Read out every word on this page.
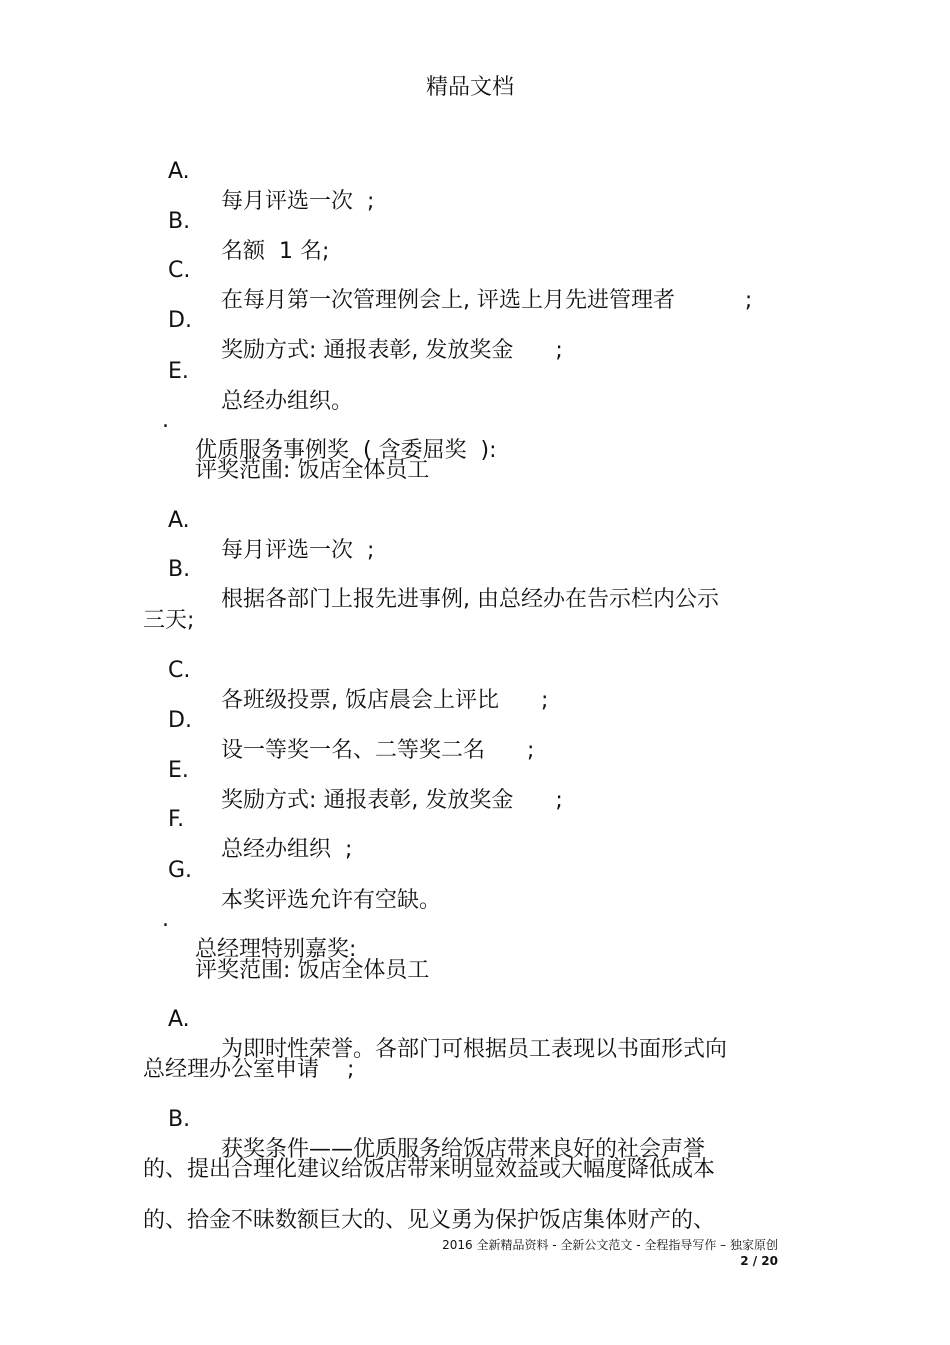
精品文档

A.

每月评选一次  ;

B.

名额  1 名;

C.

在每月第一次管理例会上, 评选上月先进管理者          ;

D.

奖励方式: 通报表彰, 发放奖金      ;

E.

总经办组织。

.

优质服务事例奖  ( 含委屈奖  ):

评奖范围: 饭店全体员工

A.

每月评选一次  ;

B.

根据各部门上报先进事例, 由总经办在告示栏内公示

三天;

C.

各班级投票, 饭店晨会上评比      ;

D.

设一等奖一名、二等奖二名      ;

E.

奖励方式: 通报表彰, 发放奖金      ;

F.

总经办组织  ;

G.

本奖评选允许有空缺。

.

总经理特别嘉奖:

评奖范围: 饭店全体员工

A.

为即时性荣誉。各部门可根据员工表现以书面形式向

总经理办公室申请    ;

B.

获奖条件——优质服务给饭店带来良好的社会声誉

的、提出合理化建议给饭店带来明显效益或大幅度降低成本

的、拾金不昧数额巨大的、见义勇为保护饭店集体财产的、

2016 全新精品资料 - 全新公文范文 - 全程指导写作 – 独家原创
2 / 20
